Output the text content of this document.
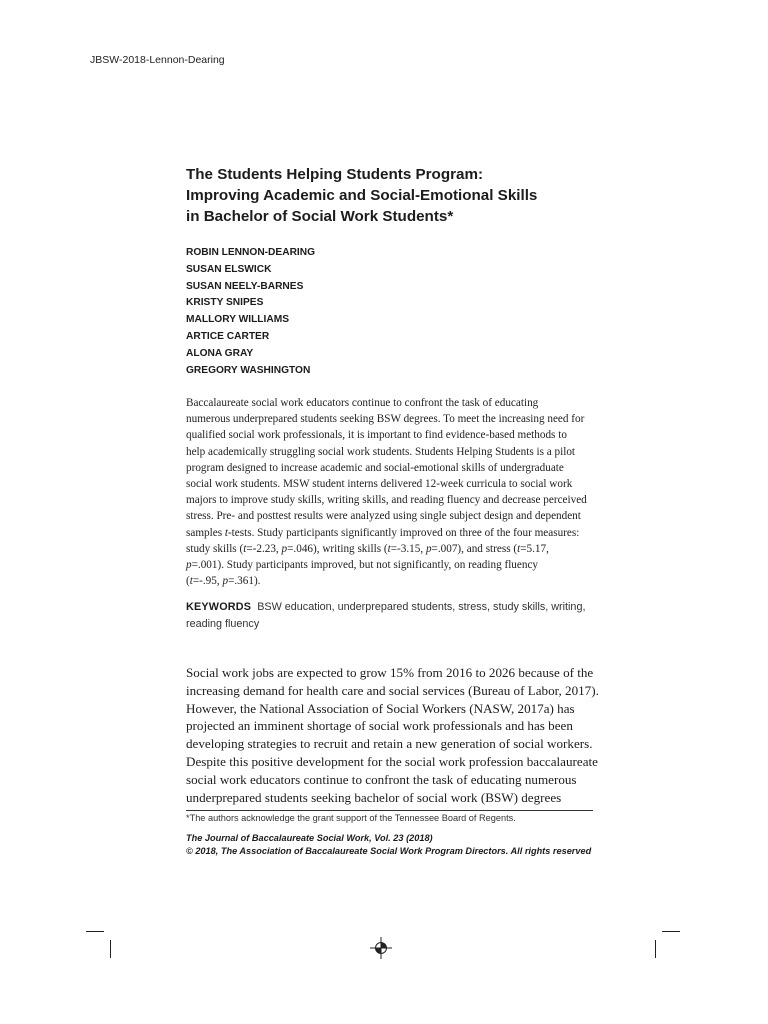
JBSW-2018-Lennon-Dearing
The Students Helping Students Program:
Improving Academic and Social-Emotional Skills
in Bachelor of Social Work Students*
ROBIN LENNON-DEARING
SUSAN ELSWICK
SUSAN NEELY-BARNES
KRISTY SNIPES
MALLORY WILLIAMS
ARTICE CARTER
ALONA GRAY
GREGORY WASHINGTON
Baccalaureate social work educators continue to confront the task of educating
numerous underprepared students seeking BSW degrees. To meet the increasing need for
qualified social work professionals, it is important to find evidence-based methods to
help academically struggling social work students. Students Helping Students is a pilot
program designed to increase academic and social-emotional skills of undergraduate
social work students. MSW student interns delivered 12-week curricula to social work
majors to improve study skills, writing skills, and reading fluency and decrease perceived
stress. Pre- and posttest results were analyzed using single subject design and dependent
samples t-tests. Study participants significantly improved on three of the four measures:
study skills (t=-2.23, p=.046), writing skills (t=-3.15, p=.007), and stress (t=5.17,
p=.001). Study participants improved, but not significantly, on reading fluency
(t=-.95, p=.361).
KEYWORDS BSW education, underprepared students, stress, study skills, writing,
reading fluency
Social work jobs are expected to grow 15% from 2016 to 2026 because of the
increasing demand for health care and social services (Bureau of Labor, 2017).
However, the National Association of Social Workers (NASW, 2017a) has
projected an imminent shortage of social work professionals and has been
developing strategies to recruit and retain a new generation of social workers.
Despite this positive development for the social work profession baccalaureate
social work educators continue to confront the task of educating numerous
underprepared students seeking bachelor of social work (BSW) degrees
*The authors acknowledge the grant support of the Tennessee Board of Regents.
The Journal of Baccalaureate Social Work, Vol. 23 (2018)
© 2018, The Association of Baccalaureate Social Work Program Directors. All rights reserved
